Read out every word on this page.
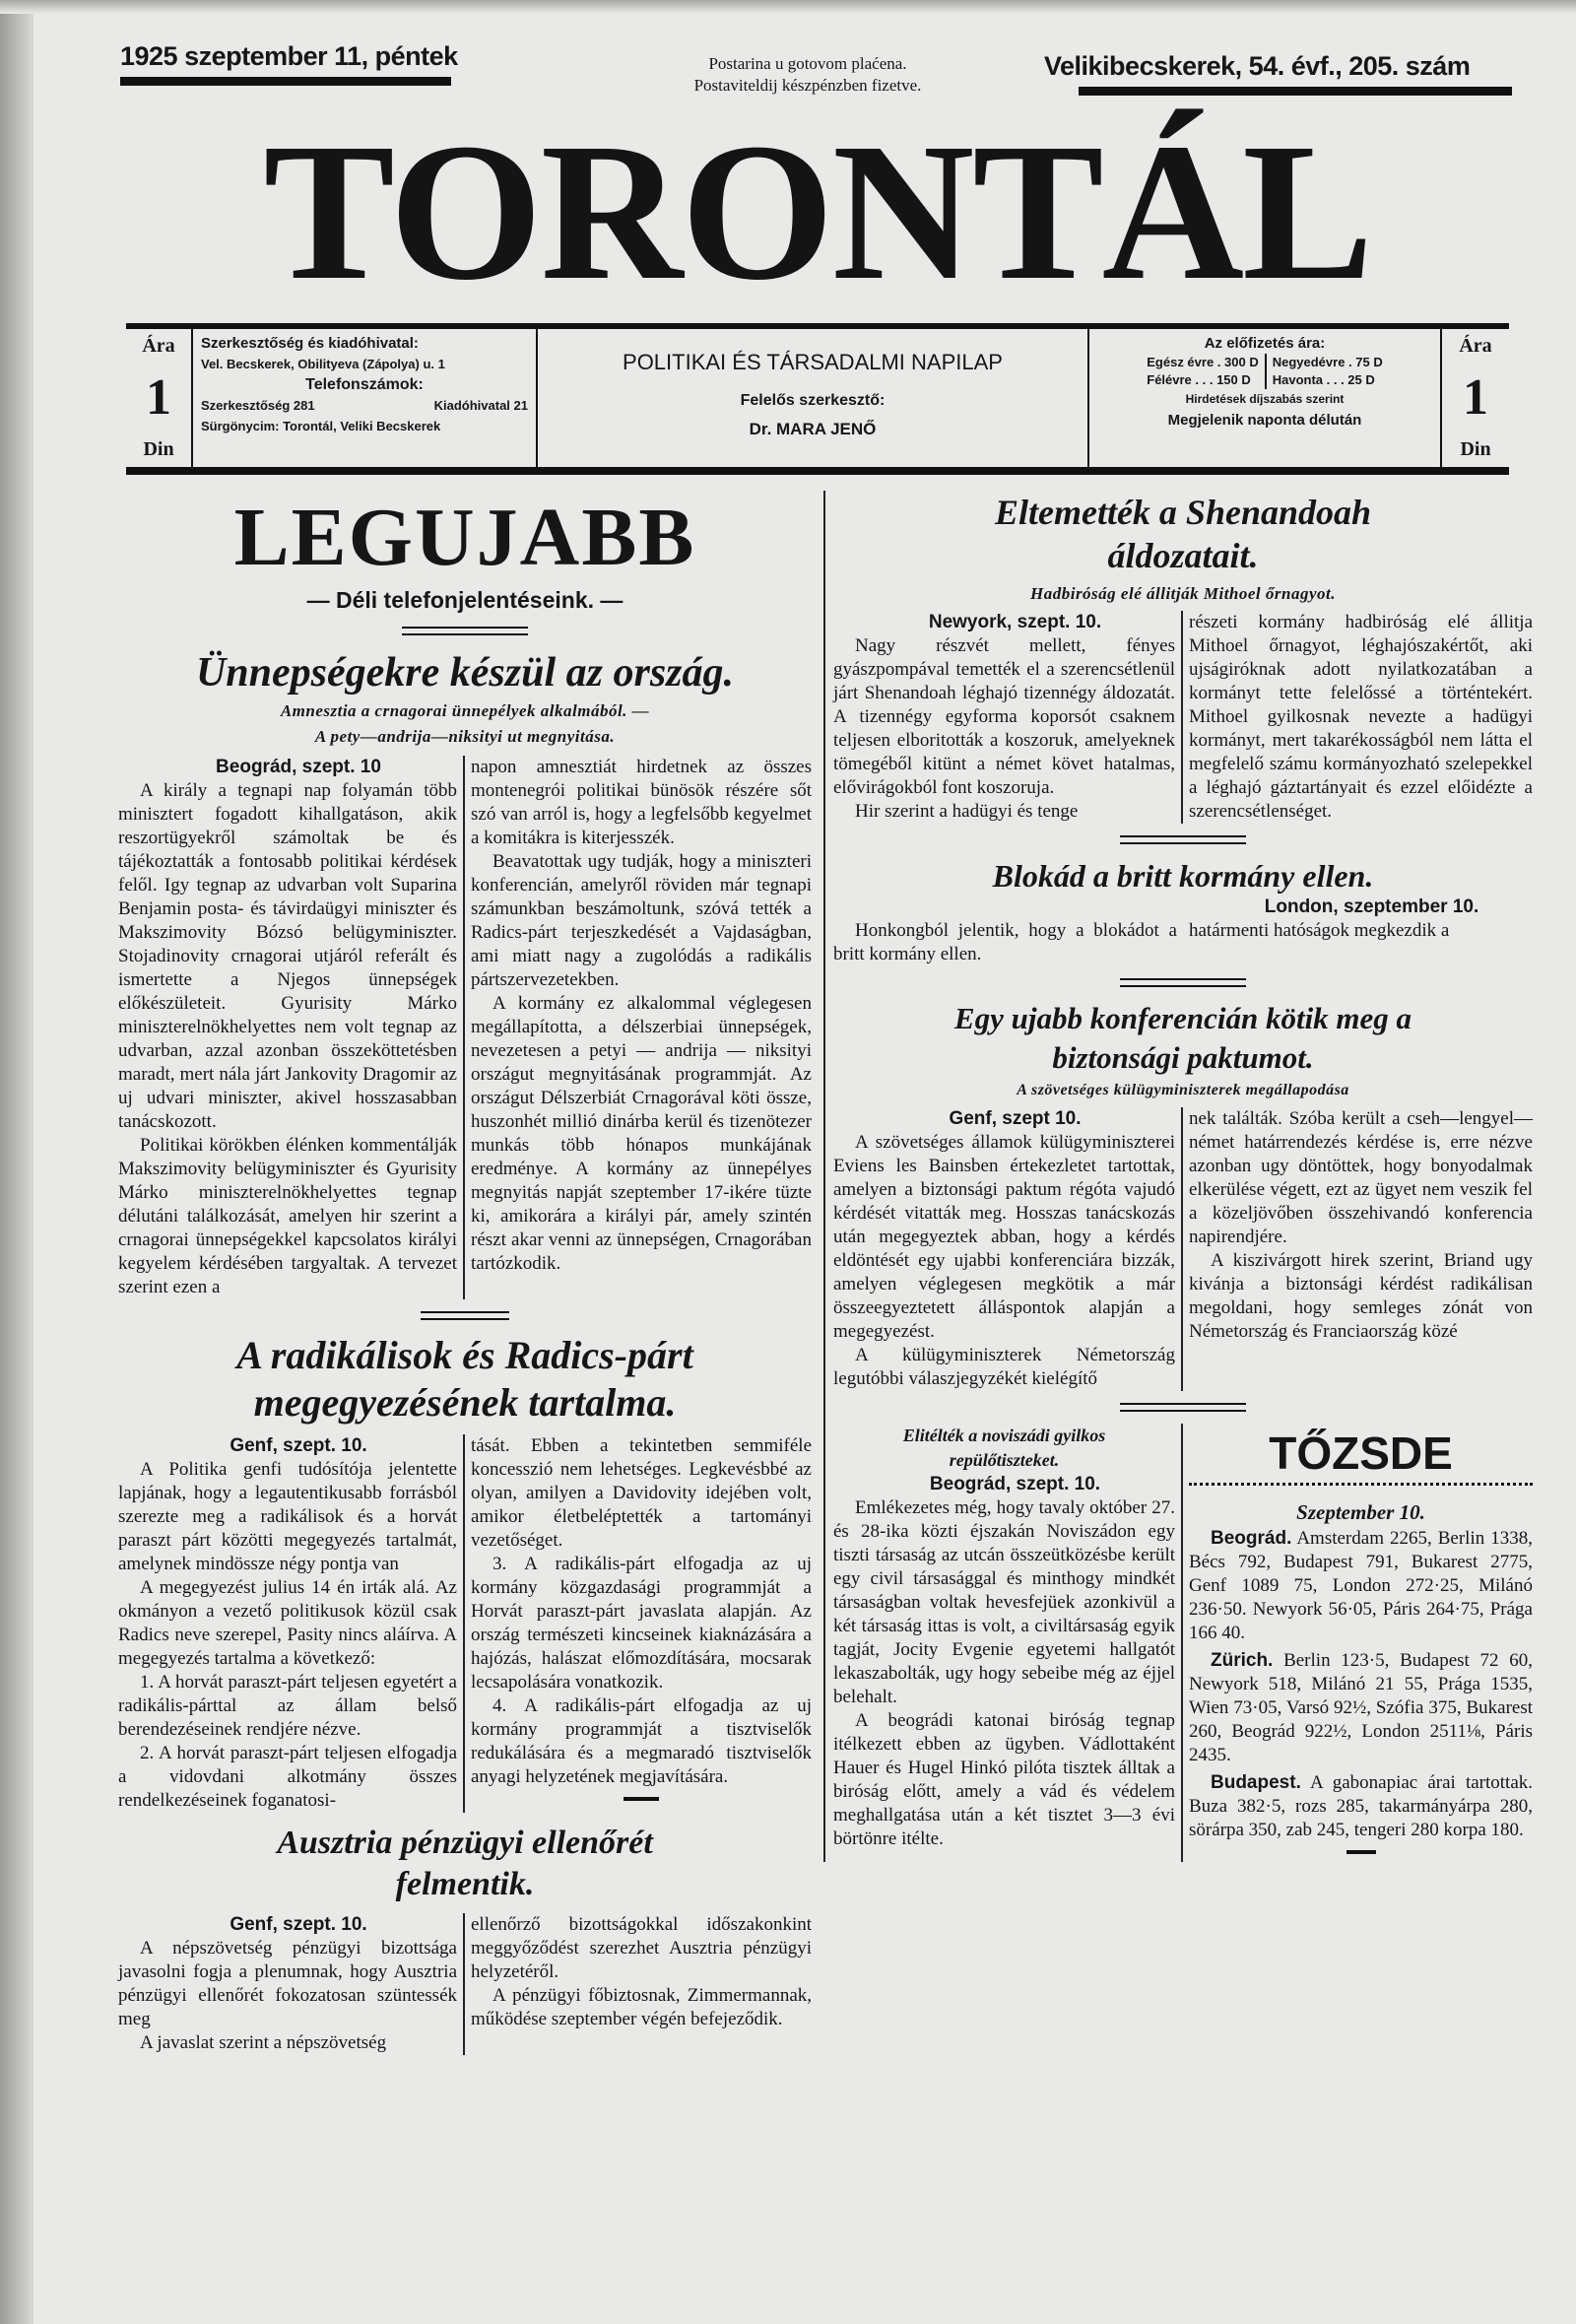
1925 szeptember 11, péntek	Postarina u gotovom plaćena.
Postaviteldij készpénzben fizetve.
Velikibecskerek, 54. évf., 205. szám
TORONTÁL
Ára
1
Din
Szerkesztőség és kiadóhivatal:
Vel. Becskerek, Obilityeva (Zápolya) u. 1
Telefonszámok:
Szerkesztőség 281	Kiadóhivatal 21
Sürgönycim: Torontál, Veliki Becskerek
POLITIKAI ÉS TÁRSADALMI NAPILAP
Felelős szerkesztő:
Dr. MARA JENŐ
Az előfizetés ára:
Egész évre . 300 D
Félévre . . . 150 D
Negyedévre . 75 D
Havonta . . . 25 D
Hirdetések díjszabás szerint
Megjelenik naponta délután
Ára
1
Din
LEGUJABB
— Déli telefonjelentéseink. —
Ünnepségekre készül az ország.
Amnesztia a crnagorai ünnepélyek alkalmából. —
A pety—andrija—niksityi ut megnyitása.

Beográd, szept. 10

A király a tegnapi nap folyamán több minisztert fogadott kihallgatáson, akik reszortügyekről számoltak be és tájékoztatták a fontosabb politikai kérdések felől. Igy tegnap az udvarban volt Suparina Benjamin posta- és távirdaügyi miniszter és Makszimovity Bózsó belügyminiszter. Stojadinovity crnagorai utjáról referált és ismertette a Njegos ünnepségek előkészületeit. Gyurisity Márko miniszterelnökhelyettes nem volt tegnap az udvarban, azzal azonban összeköttetésben maradt, mert nála járt Jankovity Dragomir az uj udvari miniszter, akivel hosszasabban tanácskozott.

Politikai körökben élénken kommentálják Makszimovity belügyminiszter és Gyurisity Márko miniszterelnökhelyettes tegnap délutáni találkozását, amelyen hir szerint a crnagorai ünnepségekkel kapcsolatos királyi kegyelem kérdésében targyaltak. A tervezet szerint ezen a

napon amnesztiát hirdetnek az összes montenegrói politikai bünösök részére sőt szó van arról is, hogy a legfelsőbb kegyelmet a komitákra is kiterjesszék.

Beavatottak ugy tudják, hogy a miniszteri konferencián, amelyről röviden már tegnapi számunkban beszámoltunk, szóvá tették a Radics-párt terjeszkedését a Vajdaságban, ami miatt nagy a zugolódás a radikális pártszervezetekben.

A kormány ez alkalommal véglegesen megállapította, a délszerbiai ünnepségek, nevezetesen a petyi — andrija — niksityi országut megnyitásának programmját. Az országut Délszerbiát Crnagorával köti össze, huszonhét millió dinárba kerül és tizenötezer munkás több hónapos munkájának eredménye. A kormány az ünnepélyes megnyitás napját szeptember 17-ikére tüzte ki, amikorára a királyi pár, amely szintén részt akar venni az ünnepségen, Crnagorában tartózkodik.

A radikálisok és Radics-párt
megegyezésének tartalma.

Genf, szept. 10.

A Politika genfi tudósítója jelentette lapjának, hogy a legautentikusabb forrásból szerezte meg a radikálisok és a horvát paraszt párt közötti megegyezés tartalmát, amelynek mindössze négy pontja van

A megegyezést julius 14 én irták alá. Az okmányon a vezető politikusok közül csak Radics neve szerepel, Pasity nincs aláírva. A megegyezés tartalma a következő:

1. A horvát paraszt-párt teljesen egyetért a radikális-párttal az állam belső berendezéseinek rendjére nézve.

2. A horvát paraszt-párt teljesen elfogadja a vidovdani alkotmány összes rendelkezéseinek foganatosi-

tását. Ebben a tekintetben semmiféle koncesszió nem lehetséges. Legkevésbbé az olyan, amilyen a Davidovity idejében volt, amikor életbeléptették a tartományi vezetőséget.

3. A radikális-párt elfogadja az uj kormány közgazdasági programmját a Horvát paraszt-párt javaslata alapján. Az ország természeti kincseinek kiaknázására a hajózás, halászat előmozdítására, mocsarak lecsapolására vonatkozik.

4. A radikális-párt elfogadja az uj kormány programmját a tisztviselők redukálására és a megmaradó tisztviselők anyagi helyzetének megjavítására.

Ausztria pénzügyi ellenőrét
felmentik.

Genf, szept. 10.

A népszövetség pénzügyi bizottsága javasolni fogja a plenumnak, hogy Ausztria pénzügyi ellenőrét fokozatosan szüntessék meg

A javaslat szerint a népszövetség

ellenőrző bizottságokkal időszakonkint meggyőződést szerezhet Ausztria pénzügyi helyzetéről.

A pénzügyi főbiztosnak, Zimmermannak, működése szeptember végén befejeződik.

Eltemették a Shenandoah
áldozatait.
Hadbiróság elé állitják Mithoel őrnagyot.

Newyork, szept. 10.

Nagy részvét mellett, fényes gyászpompával temették el a szerencsétlenül járt Shenandoah léghajó tizennégy áldozatát. A tizennégy egyforma koporsót csaknem teljesen elboritották a koszoruk, amelyeknek tömegéből kitünt a német követ hatalmas, elővirágokból font koszoruja.

Hir szerint a hadügyi és tenge

részeti kormány hadbiróság elé állitja Mithoel őrnagyot, léghajószakértőt, aki ujságiróknak adott nyilatkozatában a kormányt tette felelőssé a történtekért. Mithoel gyilkosnak nevezte a hadügyi kormányt, mert takarékosságból nem látta el megfelelő számu kormányozható szelepekkel a léghajó gáztartányait és ezzel előidézte a szerencsétlenséget.

Blokád a britt kormány ellen.

Honkongból jelentik, hogy a blokádot a britt kormány ellen.

London, szeptember 10.

határmenti hatóságok megkezdik a

Egy ujabb konferencián kötik meg a
biztonsági paktumot.
A szövetséges külügyminiszterek megállapodása

Genf, szept 10.

A szövetséges államok külügyminiszterei Eviens les Bainsben értekezletet tartottak, amelyen a biztonsági paktum régóta vajudó kérdését vitatták meg. Hosszas tanácskozás után megegyeztek abban, hogy a kérdés eldöntését egy ujabbi konferenciára bizzák, amelyen véglegesen megkötik a már összeegyeztetett álláspontok alapján a megegyezést.

A külügyminiszterek Németország legutóbbi válaszjegyzékét kielégítő

nek találták. Szóba került a cseh—lengyel—német határrendezés kérdése is, erre nézve azonban ugy döntöttek, hogy bonyodalmak elkerülése végett, ezt az ügyet nem veszik fel a közeljövőben összehivandó konferencia napirendjére.

A kiszivárgott hirek szerint, Briand ugy kivánja a biztonsági kérdést radikálisan megoldani, hogy semleges zónát von Németország és Franciaország közé

Elitélték a noviszádi gyilkos
repülőtiszteket.

Beográd, szept. 10.

Emlékezetes még, hogy tavaly október 27. és 28-ika közti éjszakán Noviszádon egy tiszti társaság az utcán összeütközésbe került egy civil társasággal és minthogy mindkét társaságban voltak hevesfejüek azonkivül a két társaság ittas is volt, a civiltársaság egyik tagját, Jocity Evgenie egyetemi hallgatót lekaszabolták, ugy hogy sebeibe még az éjjel belehalt.

A beográdi katonai biróság tegnap itélkezett ebben az ügyben. Vádlottaként Hauer és Hugel Hinkó pilóta tisztek álltak a biróság előtt, amely a vád és védelem meghallgatása után a két tisztet 3—3 évi börtönre itélte.

TŐZSDE
Szeptember 10.

Beográd. Amsterdam 2265, Berlin 1338, Bécs 792, Budapest 791, Bukarest 2775, Genf 1089 75, London 272·25, Milánó 236·50. Newyork 56·05, Páris 264·75, Prága 166 40.

Zürich. Berlin 123·5, Budapest 72 60, Newyork 518, Milánó 21 55, Prága 1535, Wien 73·05, Varsó 92½, Szófia 375, Bukarest 260, Beográd 922½, London 2511⅛, Páris 2435.

Budapest. A gabonapiac árai tartottak. Buza 382·5, rozs 285, takarmányárpa 280, sörárpa 350, zab 245, tengeri 280 korpa 180.
